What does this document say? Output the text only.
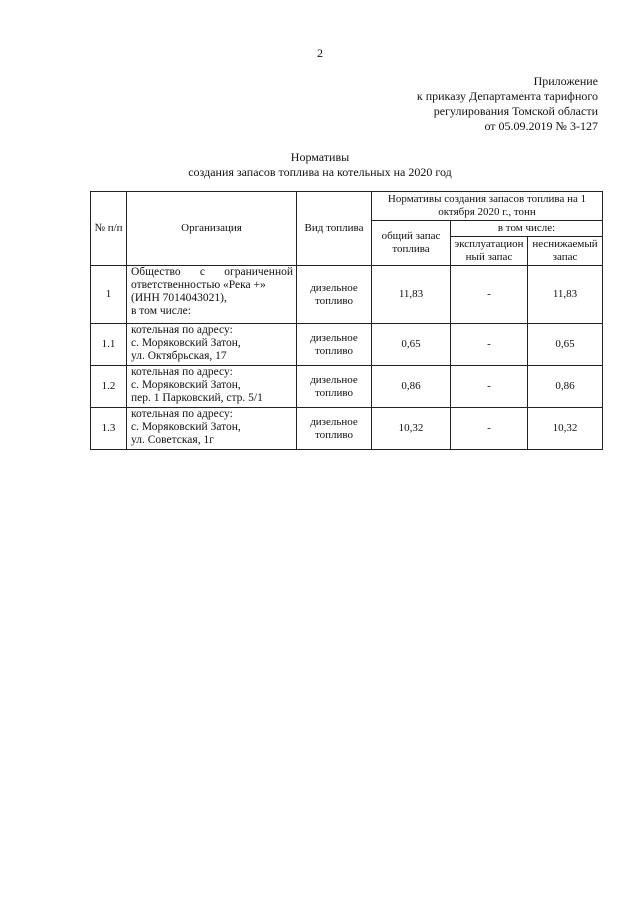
2
Приложение
к приказу Департамента тарифного
регулирования Томской области
от 05.09.2019 № 3-127
Нормативы
создания запасов топлива на котельных на 2020 год
№ п/п	Организация	Вид топлива	Нормативы создания запасов топлива на 1 октября 2020 г., тонн		
			общий запас топлива	в том числе:	
				эксплуатационный запас	неснижаемый запас
1	Общество с ограниченной ответственностью «Река +»
(ИНН 7014043021),
в том числе:	дизельное топливо	11,83	-	11,83
1.1	котельная по адресу:
с. Моряковский Затон,
ул. Октябрьская, 17	дизельное топливо	0,65	-	0,65
1.2	котельная по адресу:
с. Моряковский Затон,
пер. 1 Парковский, стр. 5/1	дизельное топливо	0,86	-	0,86
1.3	котельная по адресу:
с. Моряковский Затон,
ул. Советская, 1г	дизельное топливо	10,32	-	10,32
